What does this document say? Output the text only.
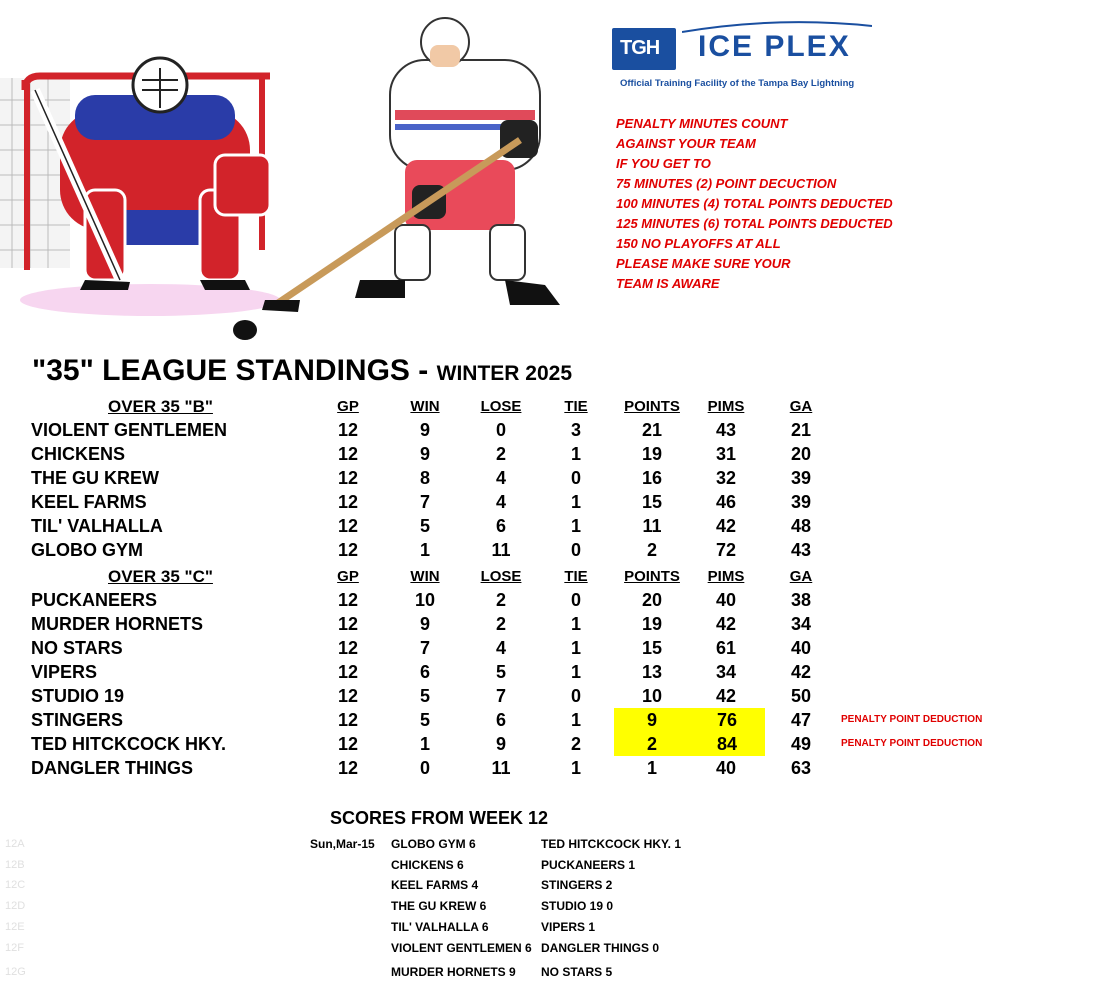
TGH ICE PLEX
Official Training Facility of the Tampa Bay Lightning
PENALTY MINUTES COUNT
AGAINST YOUR TEAM
IF YOU GET TO
75 MINUTES (2) POINT DECUCTION
100 MINUTES (4) TOTAL POINTS DEDUCTED
125 MINUTES (6) TOTAL POINTS DEDUCTED
150 NO PLAYOFFS AT ALL
PLEASE MAKE SURE YOUR
TEAM IS AWARE
"35" LEAGUE STANDINGS - WINTER 2025
OVER 35 "B"	GP	WIN	LOSE	TIE	POINTS	PIMS	GA
VIOLENT GENTLEMEN	12	9	0	3	21	43	21
CHICKENS	12	9	2	1	19	31	20
THE GU KREW	12	8	4	0	16	32	39
KEEL FARMS	12	7	4	1	15	46	39
TIL' VALHALLA	12	5	6	1	11	42	48
GLOBO GYM	12	1	11	0	2	72	43
OVER 35 "C"	GP	WIN	LOSE	TIE	POINTS	PIMS	GA
PUCKANEERS	12	10	2	0	20	40	38
MURDER HORNETS	12	9	2	1	19	42	34
NO STARS	12	7	4	1	15	61	40
VIPERS	12	6	5	1	13	34	42
STUDIO 19	12	5	7	0	10	42	50
STINGERS	12	5	6	1	9	76	47	PENALTY POINT DEDUCTION
TED HITCKCOCK HKY.	12	1	9	2	2	84	49	PENALTY POINT DEDUCTION
DANGLER THINGS	12	0	11	1	1	40	63
SCORES FROM WEEK 12
12A	Sun,Mar-15 GLOBO GYM 6	TED HITCKCOCK HKY. 1
12B	CHICKENS 6	PUCKANEERS 1
12C	KEEL FARMS 4	STINGERS 2
12D	THE GU KREW 6	STUDIO 19 0
12E	TIL' VALHALLA 6	VIPERS 1
12F	VIOLENT GENTLEMEN 6 DANGLER THINGS 0
12G	MURDER HORNETS 9 NO STARS 5
